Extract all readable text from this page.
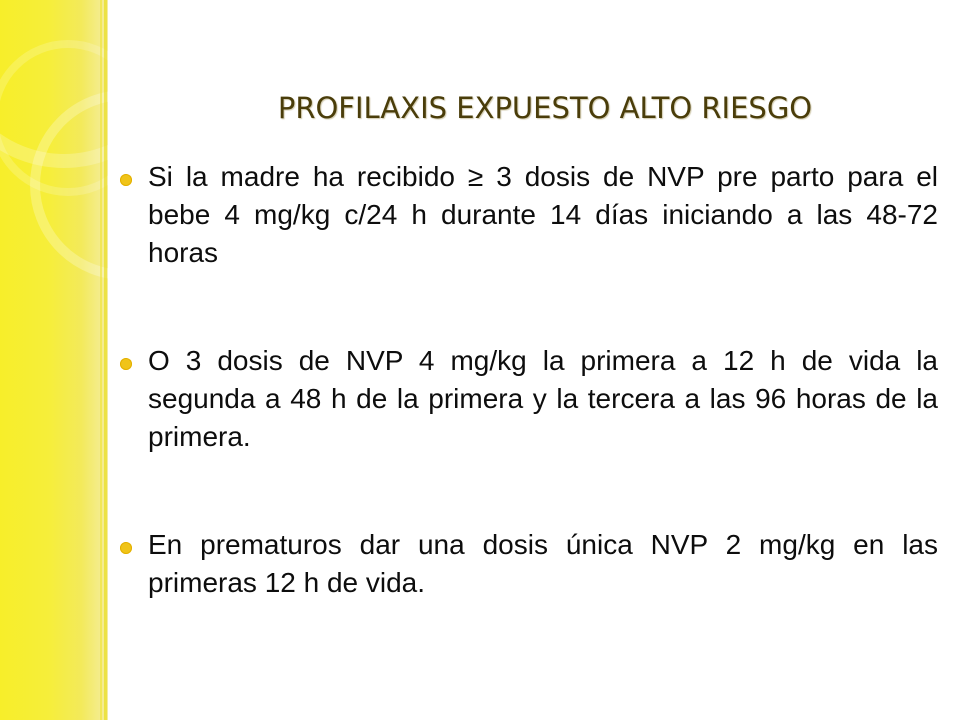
PROFILAXIS EXPUESTO ALTO RIESGO
Si la madre ha recibido ≥ 3 dosis de NVP pre parto para el bebe 4 mg/kg c/24 h durante 14 días iniciando a las 48-72 horas
O 3 dosis de NVP 4 mg/kg la primera a 12 h de vida la segunda a 48 h de la primera y la tercera a las 96 horas de la primera.
En prematuros dar una dosis única NVP 2 mg/kg en las primeras 12 h de vida.
